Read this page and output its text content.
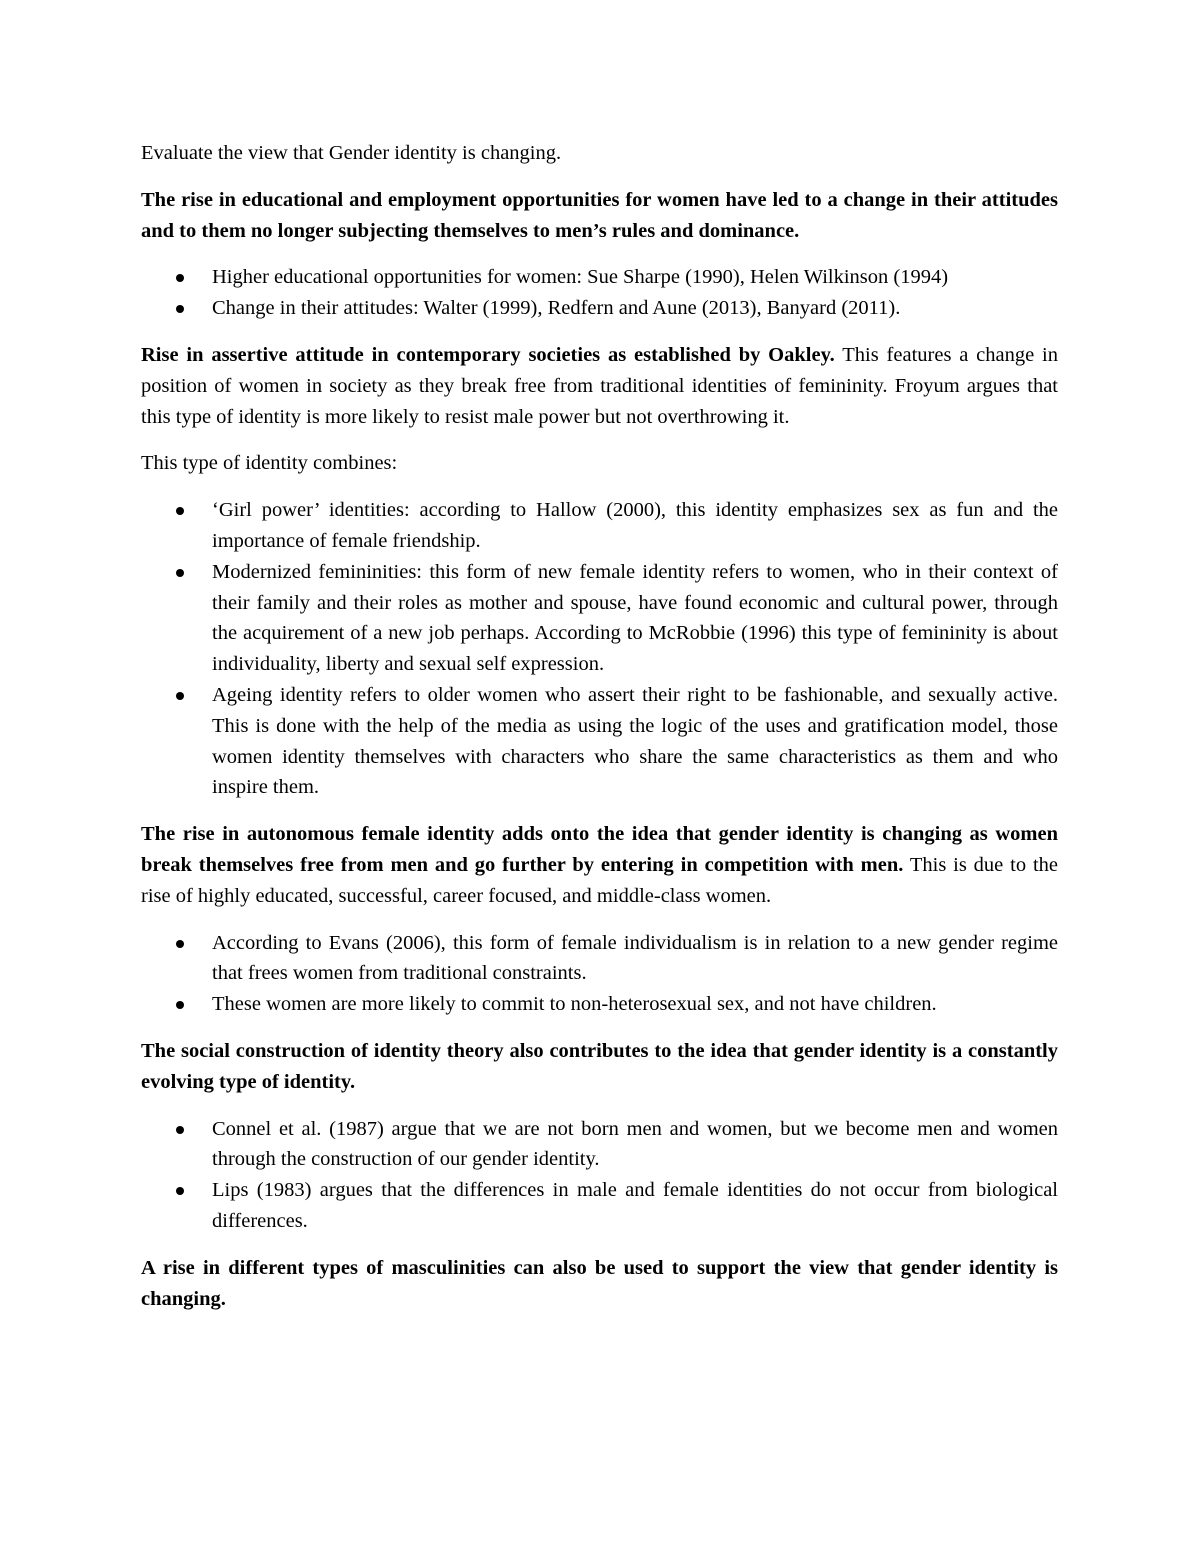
Evaluate the view that Gender identity is changing.

The rise in educational and employment opportunities for women have led to a change in their attitudes and to them no longer subjecting themselves to men’s rules and dominance.

Higher educational opportunities for women: Sue Sharpe (1990), Helen Wilkinson (1994)
Change in their attitudes: Walter (1999), Redfern and Aune (2013), Banyard (2011).

Rise in assertive attitude in contemporary societies as established by Oakley. This features a change in position of women in society as they break free from traditional identities of femininity. Froyum argues that this type of identity is more likely to resist male power but not overthrowing it.

This type of identity combines:

‘Girl power’ identities: according to Hallow (2000), this identity emphasizes sex as fun and the importance of female friendship.
Modernized femininities: this form of new female identity refers to women, who in their context of their family and their roles as mother and spouse, have found economic and cultural power, through the acquirement of a new job perhaps. According to McRobbie (1996) this type of femininity is about individuality, liberty and sexual self expression.
Ageing identity refers to older women who assert their right to be fashionable, and sexually active. This is done with the help of the media as using the logic of the uses and gratification model, those women identity themselves with characters who share the same characteristics as them and who inspire them.

The rise in autonomous female identity adds onto the idea that gender identity is changing as women break themselves free from men and go further by entering in competition with men. This is due to the rise of highly educated, successful, career focused, and middle-class women.

According to Evans (2006), this form of female individualism is in relation to a new gender regime that frees women from traditional constraints.
These women are more likely to commit to non-heterosexual sex, and not have children.

The social construction of identity theory also contributes to the idea that gender identity is a constantly evolving type of identity.

Connel et al. (1987) argue that we are not born men and women, but we become men and women through the construction of our gender identity.
Lips (1983) argues that the differences in male and female identities do not occur from biological differences.

A rise in different types of masculinities can also be used to support the view that gender identity is changing.
